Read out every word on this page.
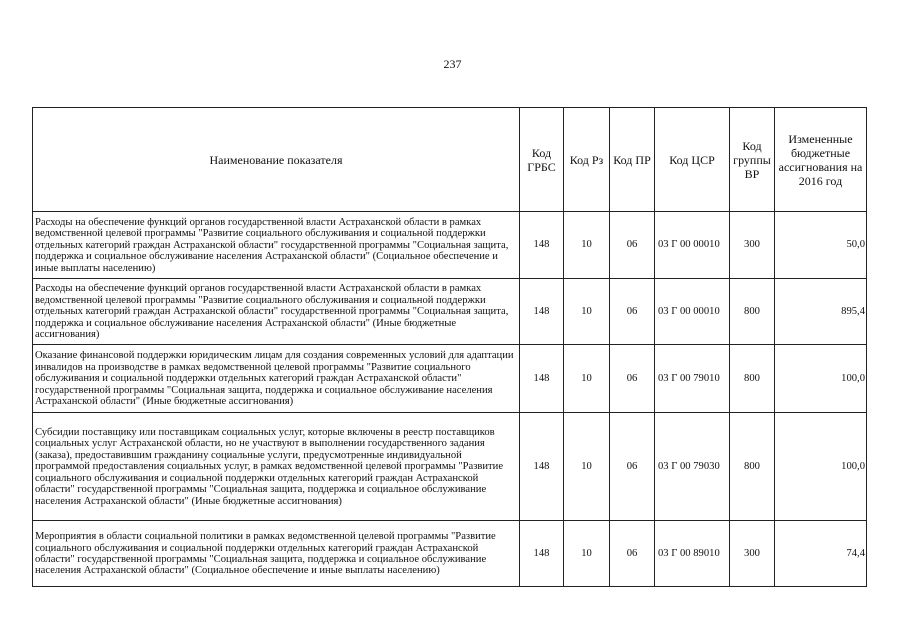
237
Наименование показателя	Код ГРБС	Код Рз	Код ПР	Код ЦСР	Код группы ВР	Измененные бюджетные ассигнования на 2016 год
Расходы на обеспечение функций органов государственной власти Астраханской области в рамках ведомственной целевой программы "Развитие социального обслуживания и социальной поддержки отдельных категорий граждан Астраханской области" государственной программы "Социальная защита, поддержка и социальное обслуживание населения Астраханской области" (Социальное обеспечение и иные выплаты населению)	148	10	06	03 Г 00 00010	300	50,0
Расходы на обеспечение функций органов государственной власти Астраханской области в рамках ведомственной целевой программы "Развитие социального обслуживания и социальной поддержки отдельных категорий граждан Астраханской области" государственной программы "Социальная защита, поддержка и социальное обслуживание населения Астраханской области" (Иные бюджетные ассигнования)	148	10	06	03 Г 00 00010	800	895,4
Оказание финансовой поддержки юридическим лицам для создания современных условий для адаптации инвалидов на производстве в рамках ведомственной целевой программы "Развитие социального обслуживания и социальной поддержки отдельных категорий граждан Астраханской области" государственной программы "Социальная защита, поддержка и социальное обслуживание населения Астраханской области" (Иные бюджетные ассигнования)	148	10	06	03 Г 00 79010	800	100,0
Субсидии поставщику или поставщикам социальных услуг, которые включены в реестр поставщиков социальных услуг Астраханской области, но не участвуют в выполнении государственного задания (заказа), предоставившим гражданину социальные услуги, предусмотренные индивидуальной программой предоставления социальных услуг, в рамках ведомственной целевой программы "Развитие социального обслуживания и социальной поддержки отдельных категорий граждан Астраханской области" государственной программы "Социальная защита, поддержка и социальное обслуживание населения Астраханской области" (Иные бюджетные ассигнования)	148	10	06	03 Г 00 79030	800	100,0
Мероприятия в области социальной политики в рамках ведомственной целевой программы "Развитие социального обслуживания и социальной поддержки отдельных категорий граждан Астраханской области" государственной программы "Социальная защита, поддержка и социальное обслуживание населения Астраханской области" (Социальное обеспечение и иные выплаты населению)	148	10	06	03 Г 00 89010	300	74,4
